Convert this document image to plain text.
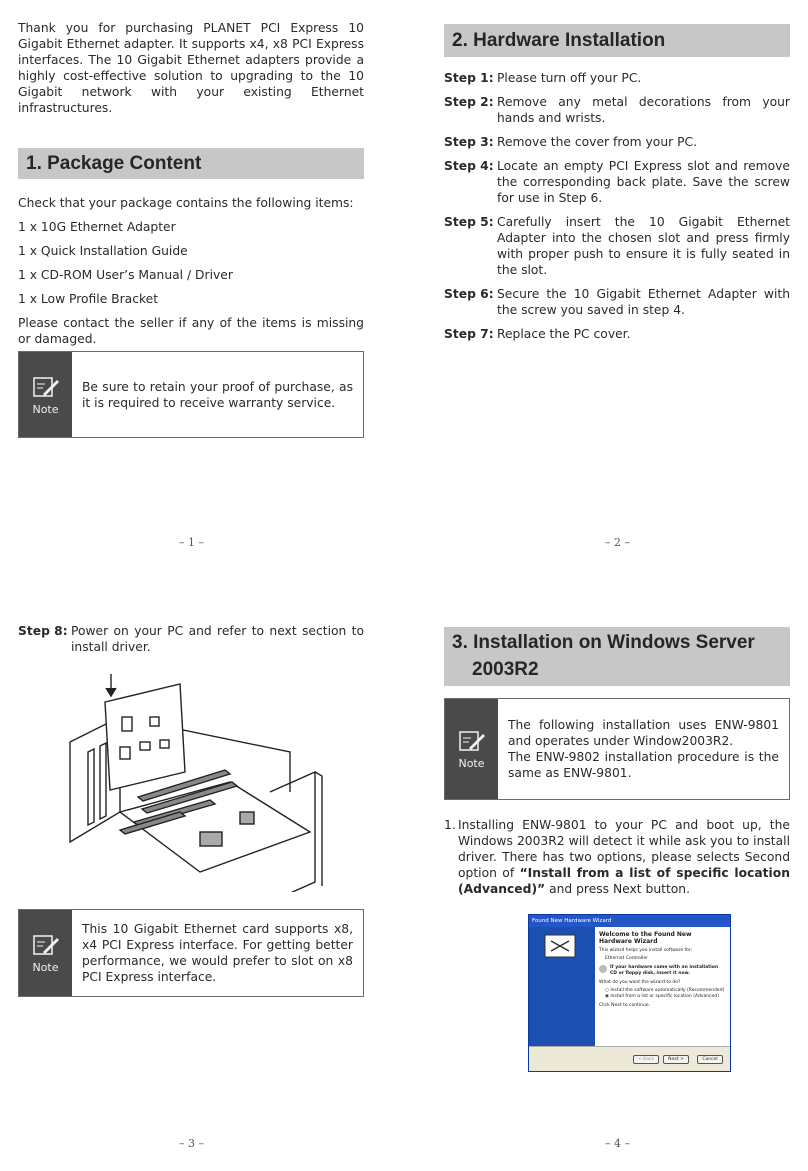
Thank you for purchasing PLANET PCI Express 10 Gigabit Ethernet adapter. It supports x4, x8 PCI Express interfaces. The 10 Gigabit Ethernet adapters provide a highly cost-effective solution to upgrading to the 10 Gigabit network with your existing Ethernet infrastructures.

1. Package Content

Check that your package contains the following items:

1 x 10G Ethernet Adapter

1 x Quick Installation Guide

1 x CD-ROM User’s Manual / Driver

1 x Low Profile Bracket

Please contact the seller if any of the items is missing or damaged.

Note
Be sure to retain your proof of purchase, as it is required to receive warranty service.
– 1 –
2. Hardware Installation
Step 1: Please turn off your PC.
Step 2: Remove any metal decorations from your hands and wrists.
Step 3: Remove the cover from your PC.
Step 4: Locate an empty PCI Express slot and remove the corresponding back plate. Save the screw for use in Step 6.
Step 5: Carefully insert the 10 Gigabit Ethernet Adapter into the chosen slot and press firmly with proper push to ensure it is fully seated in the slot.
Step 6: Secure the 10 Gigabit Ethernet Adapter with the screw you saved in step 4.
Step 7: Replace the PC cover.
– 2 –
Step 8: Power on your PC and refer to next section to install driver.
Note
This 10 Gigabit Ethernet card supports x8, x4 PCI Express interface. For getting better performance, we would prefer to slot on x8 PCI Express interface.
– 3 –
3. Installation on Windows Server
2003R2
Note

The following installation uses ENW-9801 and operates under Window2003R2.

The ENW-9802 installation procedure is the same as ENW-9801.

1. Installing ENW-9801 to your PC and boot up, the Windows 2003R2 will detect it while ask you to install driver. There has two options, please selects Second option of “Install from a list of specific location (Advanced)” and press Next button.

Found New Hardware Wizard
Welcome to the Found New Hardware Wizard
This wizard helps you install software for:
Ethernet Controller
If your hardware came with an installation CD or floppy disk, insert it now.
What do you want the wizard to do?
○ Install the software automatically (Recommended)
◉ Install from a list or specific location (Advanced)
Click Next to continue.
< Back	Next >	Cancel
– 4 –
